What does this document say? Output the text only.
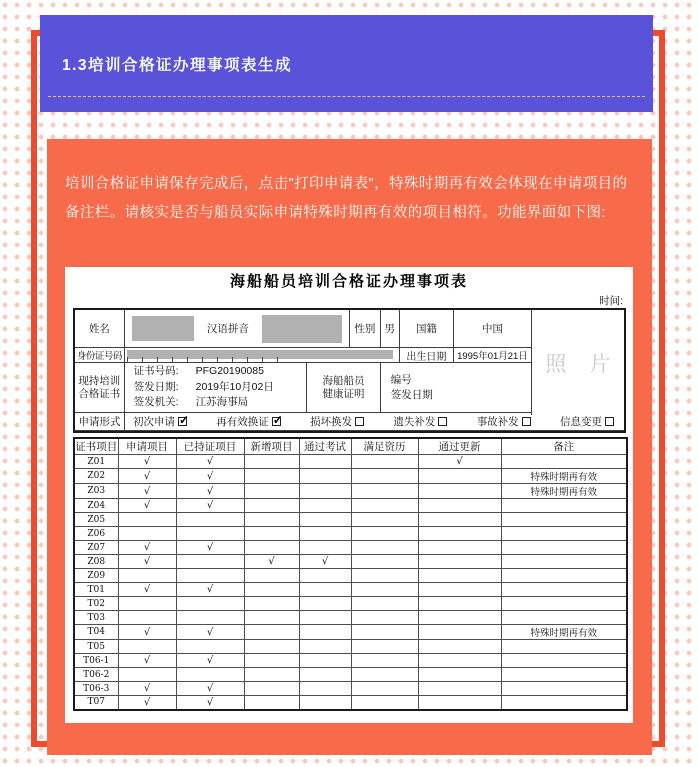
1.3培训合格证办理事项表生成

培训合格证申请保存完成后，点击"打印申请表"，特殊时期再有效会体现在申请项目的备注栏。请核实是否与船员实际申请特殊时期再有效的项目相符。功能界面如下图:

海船船员培训合格证办理事项表
时间:
姓名	汉语拼音	性别 男	国籍	中国
身份证号码	出生日期	1995年01月21日
现持培训
合格证书
证书号码: PFG20190085
签发日期: 2019年10月02日
签发机关: 江苏海事局
海船船员
健康证明
编号
签发日期
申请形式	初次申请 ✓	再有效换证 ✓	损坏换发	遗失补发	事故补发	信息变更
照 片
证书项目	申请项目	已持证项目	新增项目	通过考试	满足资历	通过更新	备注
Z01	√	√				√	
Z02	√	√					特殊时期再有效
Z03	√	√					特殊时期再有效
Z04	√	√					
Z05							
Z06							
Z07	√	√					
Z08	√		√	√			
Z09							
T01	√	√					
T02							
T03							
T04	√	√					特殊时期再有效
T05							
T06-1	√	√					
T06-2							
T06-3	√	√					
T07	√	√					
